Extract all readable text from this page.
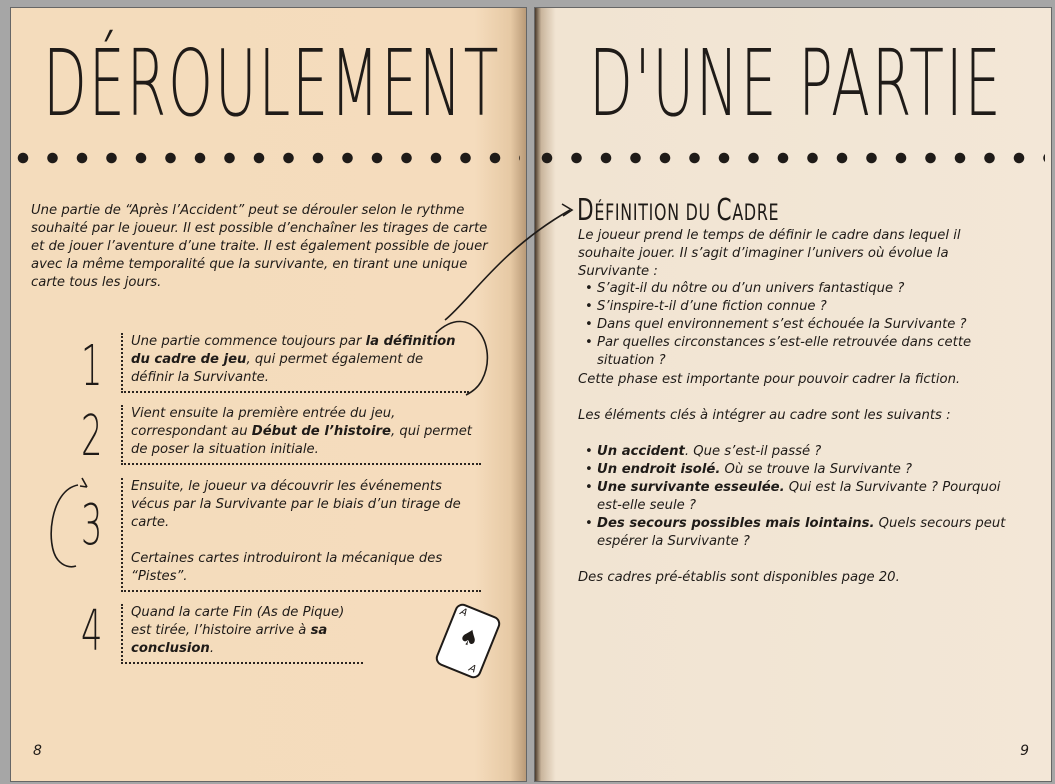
DÉROULEMENT

Une partie de “Après l’Accident” peut se dérouler selon le rythme souhaité par le joueur. Il est possible d’enchaîner les tirages de carte et de jouer l’aventure d’une traite. Il est également possible de jouer avec la même temporalité que la survivante, en tirant une unique carte tous les jours.

1 Une partie commence toujours par la définition du cadre de jeu, qui permet également de définir la Survivante.

2 Vient ensuite la première entrée du jeu, correspondant au Début de l’histoire, qui permet de poser la situation initiale.

3

Ensuite, le joueur va découvrir les événements vécus par la Survivante par le biais d’un tirage de carte.

Certaines cartes introduiront la mécanique des “Pistes”.

4 Quand la carte Fin (As de Pique) est tirée, l’histoire arrive à sa conclusion.

8
A
♠
A
D'UNE PARTIE
DÉFINITION DU CADRE

Le joueur prend le temps de définir le cadre dans lequel il souhaite jouer. Il s’agit d’imaginer l’univers où évolue la Survivante :

• S’agit-il du nôtre ou d’un univers fantastique ?
• S’inspire-t-il d’une fiction connue ?
• Dans quel environnement s’est échouée la Survivante ?
• Par quelles circonstances s’est-elle retrouvée dans cette situation ?

Cette phase est importante pour pouvoir cadrer la fiction.

Les éléments clés à intégrer au cadre sont les suivants :

• Un accident. Que s’est-il passé ?
• Un endroit isolé. Où se trouve la Survivante ?
• Une survivante esseulée. Qui est la Survivante ? Pourquoi est-elle seule ?
• Des secours possibles mais lointains. Quels secours peut espérer la Survivante ?

Des cadres pré-établis sont disponibles page 20.

9
